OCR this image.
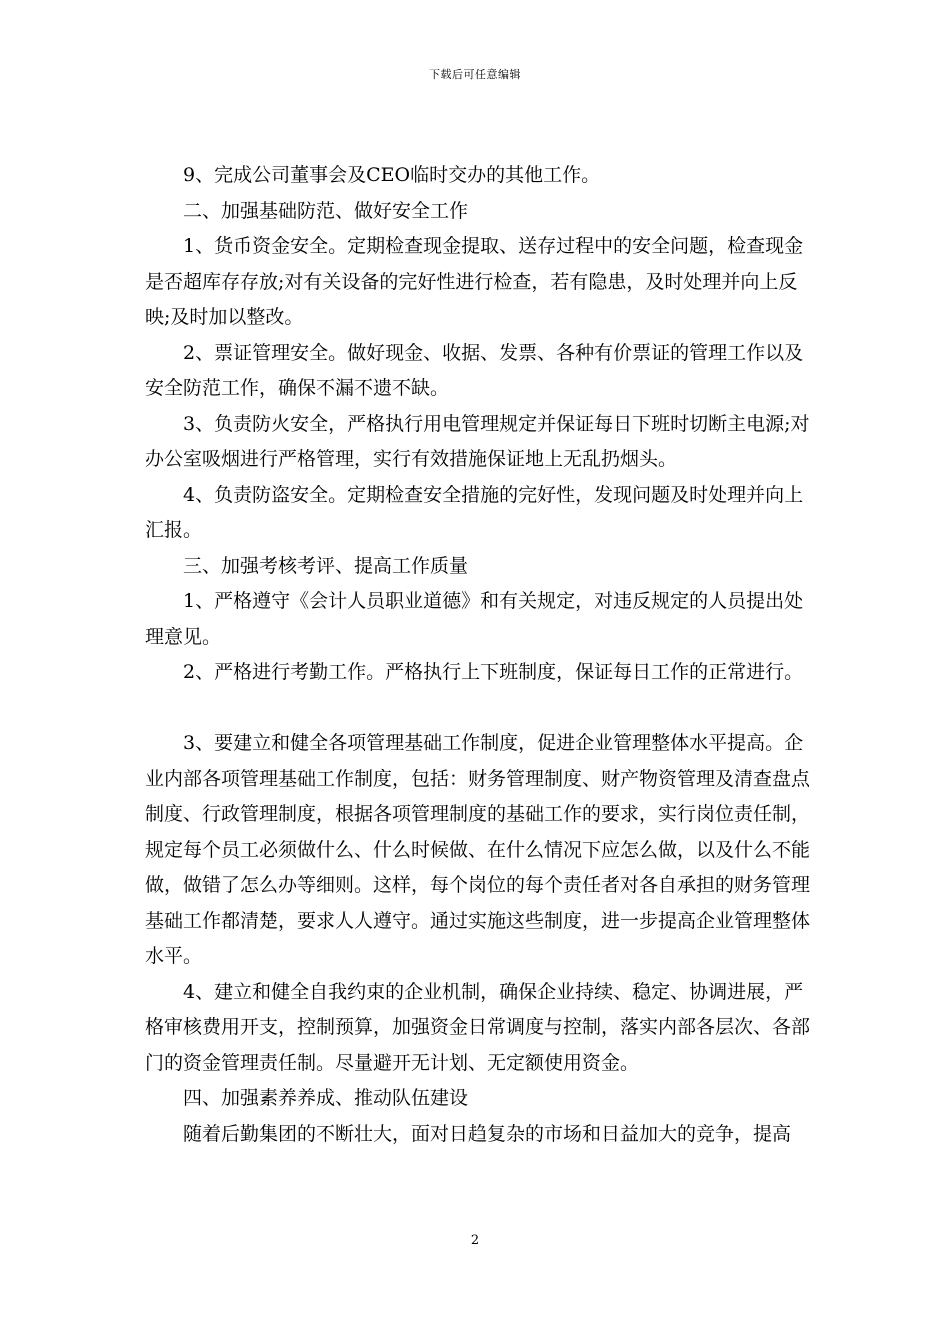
下载后可任意编辑

9、完成公司董事会及CEO临时交办的其他工作。

二、加强基础防范、做好安全工作

1、货币资金安全。定期检查现金提取、送存过程中的安全问题，检查现金是否超库存存放;对有关设备的完好性进行检查，若有隐患，及时处理并向上反映;及时加以整改。

2、票证管理安全。做好现金、收据、发票、各种有价票证的管理工作以及安全防范工作，确保不漏不遗不缺。

3、负责防火安全，严格执行用电管理规定并保证每日下班时切断主电源;对办公室吸烟进行严格管理，实行有效措施保证地上无乱扔烟头。

4、负责防盗安全。定期检查安全措施的完好性，发现问题及时处理并向上汇报。

三、加强考核考评、提高工作质量

1、严格遵守《会计人员职业道德》和有关规定，对违反规定的人员提出处理意见。

2、严格进行考勤工作。严格执行上下班制度，保证每日工作的正常进行。

3、要建立和健全各项管理基础工作制度，促进企业管理整体水平提高。企业内部各项管理基础工作制度，包括：财务管理制度、财产物资管理及清查盘点制度、行政管理制度，根据各项管理制度的基础工作的要求，实行岗位责任制，规定每个员工必须做什么、什么时候做、在什么情况下应怎么做，以及什么不能做，做错了怎么办等细则。这样，每个岗位的每个责任者对各自承担的财务管理基础工作都清楚，要求人人遵守。通过实施这些制度，进一步提高企业管理整体水平。

4、建立和健全自我约束的企业机制，确保企业持续、稳定、协调进展，严格审核费用开支，控制预算，加强资金日常调度与控制，落实内部各层次、各部门的资金管理责任制。尽量避开无计划、无定额使用资金。

四、加强素养养成、推动队伍建设

随着后勤集团的不断壮大，面对日趋复杂的市场和日益加大的竞争，提高

2
